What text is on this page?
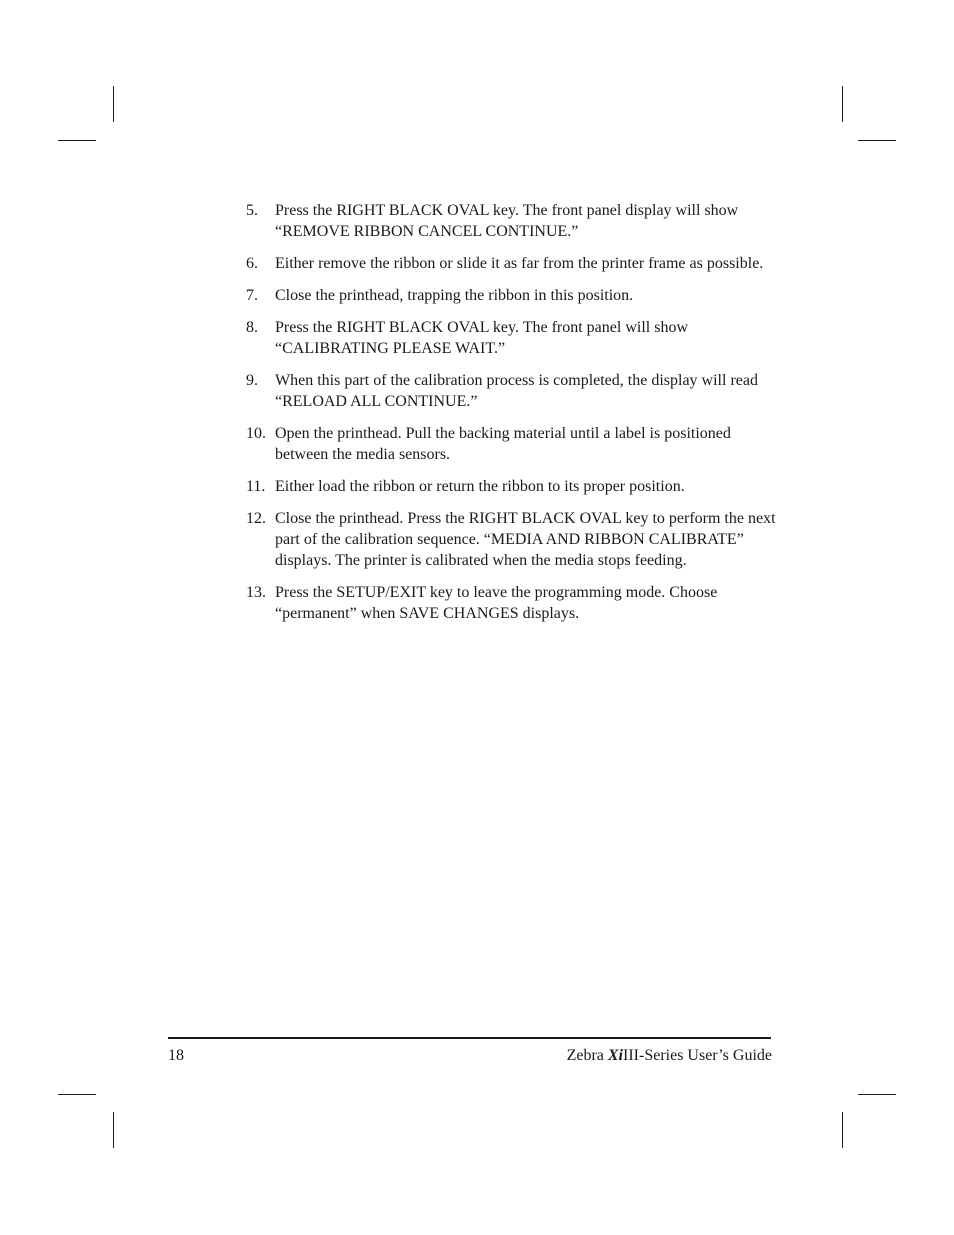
5.	Press the RIGHT BLACK OVAL key. The front panel display will show “REMOVE RIBBON CANCEL CONTINUE.”
6.	Either remove the ribbon or slide it as far from the printer frame as possible.
7.	Close the printhead, trapping the ribbon in this position.
8.	Press the RIGHT BLACK OVAL key. The front panel will show “CALIBRATING PLEASE WAIT.”
9.	When this part of the calibration process is completed, the display will read “RELOAD ALL CONTINUE.”
10. Open the printhead. Pull the backing material until a label is positioned between the media sensors.
11. Either load the ribbon or return the ribbon to its proper position.
12. Close the printhead. Press the RIGHT BLACK OVAL key to perform the next part of the calibration sequence. “MEDIA AND RIBBON CALIBRATE” displays. The printer is calibrated when the media stops feeding.
13. Press the SETUP/EXIT key to leave the programming mode. Choose “permanent” when SAVE CHANGES displays.
18	Zebra XiIII-Series User’s Guide
